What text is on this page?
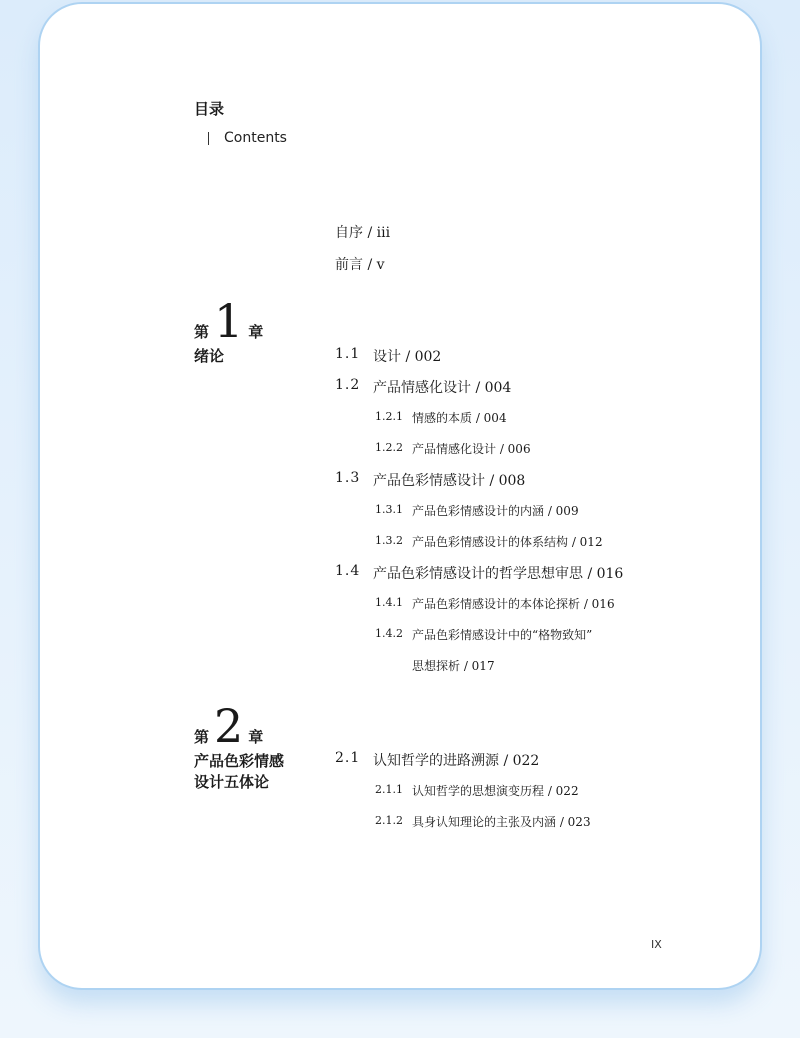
目录
Contents
自序 / iii
前言 / v
第 1 章
绪论	1.1 设计 / 002
1.2 产品情感化设计 / 004
1.2.1 情感的本质 / 004
1.2.2 产品情感化设计 / 006
1.3 产品色彩情感设计 / 008
1.3.1 产品色彩情感设计的内涵 / 009
1.3.2 产品色彩情感设计的体系结构 / 012
1.4 产品色彩情感设计的哲学思想审思 / 016
1.4.1 产品色彩情感设计的本体论探析 / 016
1.4.2 产品色彩情感设计中的“格物致知”
思想探析 / 017
第 2 章
产品色彩情感
设计五体论
2.1 认知哲学的进路溯源 / 022
2.1.1 认知哲学的思想演变历程 / 022
2.1.2 具身认知理论的主张及内涵 / 023
IX
